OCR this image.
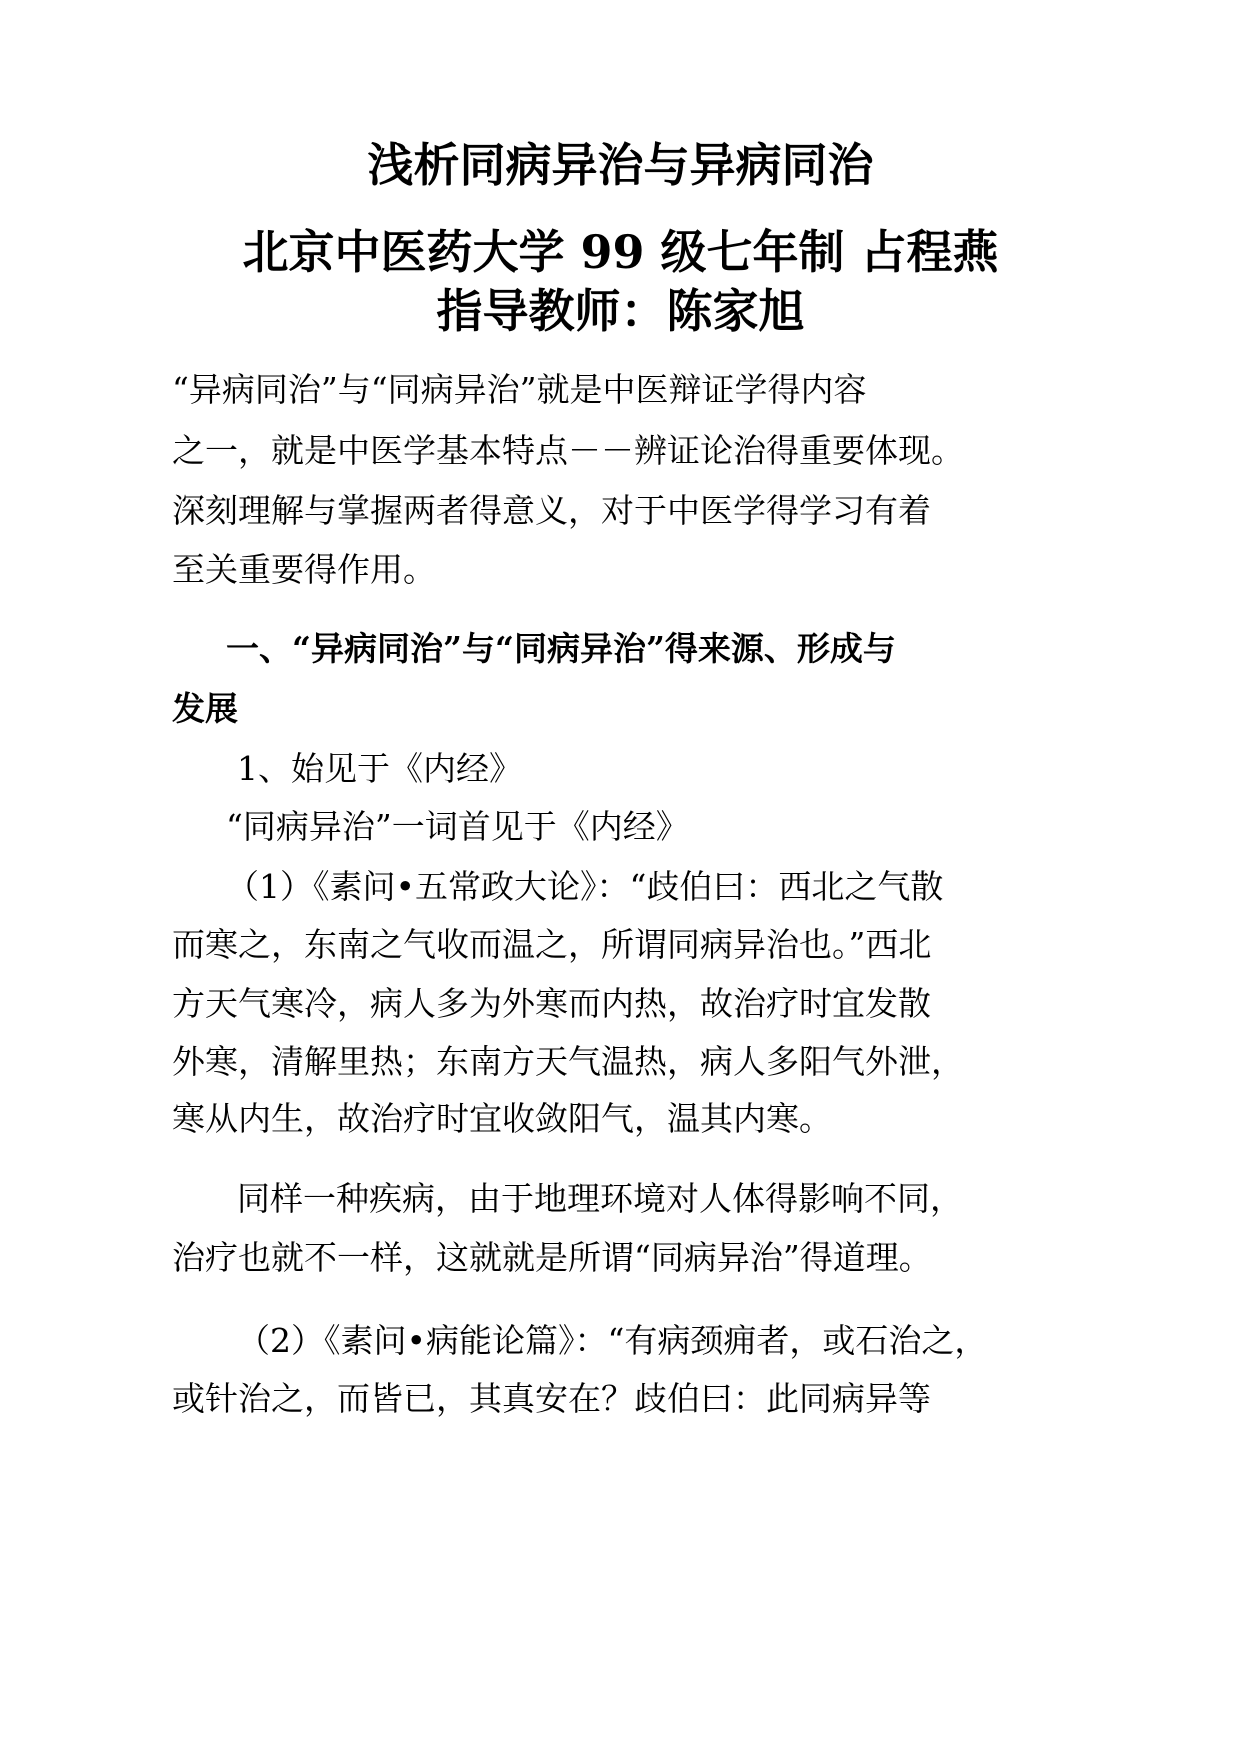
浅析同病异治与异病同治
北京中医药大学 99 级七年制 占程燕
指导教师：陈家旭
“异病同治”与“同病异治”就是中医辩证学得内容
之一，就是中医学基本特点－－辨证论治得重要体现。
深刻理解与掌握两者得意义，对于中医学得学习有着
至关重要得作用。
一、“异病同治”与“同病异治”得来源、形成与
发展
1、始见于《内经》
“同病异治”一词首见于《内经》
（1）《素问•五常政大论》：“歧伯曰：西北之气散
而寒之，东南之气收而温之，所谓同病异治也。”西北
方天气寒冷，病人多为外寒而内热，故治疗时宜发散
外寒，清解里热；东南方天气温热，病人多阳气外泄，
寒从内生，故治疗时宜收敛阳气，温其内寒。
同样一种疾病，由于地理环境对人体得影响不同，
治疗也就不一样，这就就是所谓“同病异治”得道理。
（2）《素问•病能论篇》：“有病颈痈者，或石治之，
或针治之，而皆已，其真安在？歧伯曰：此同病异等
